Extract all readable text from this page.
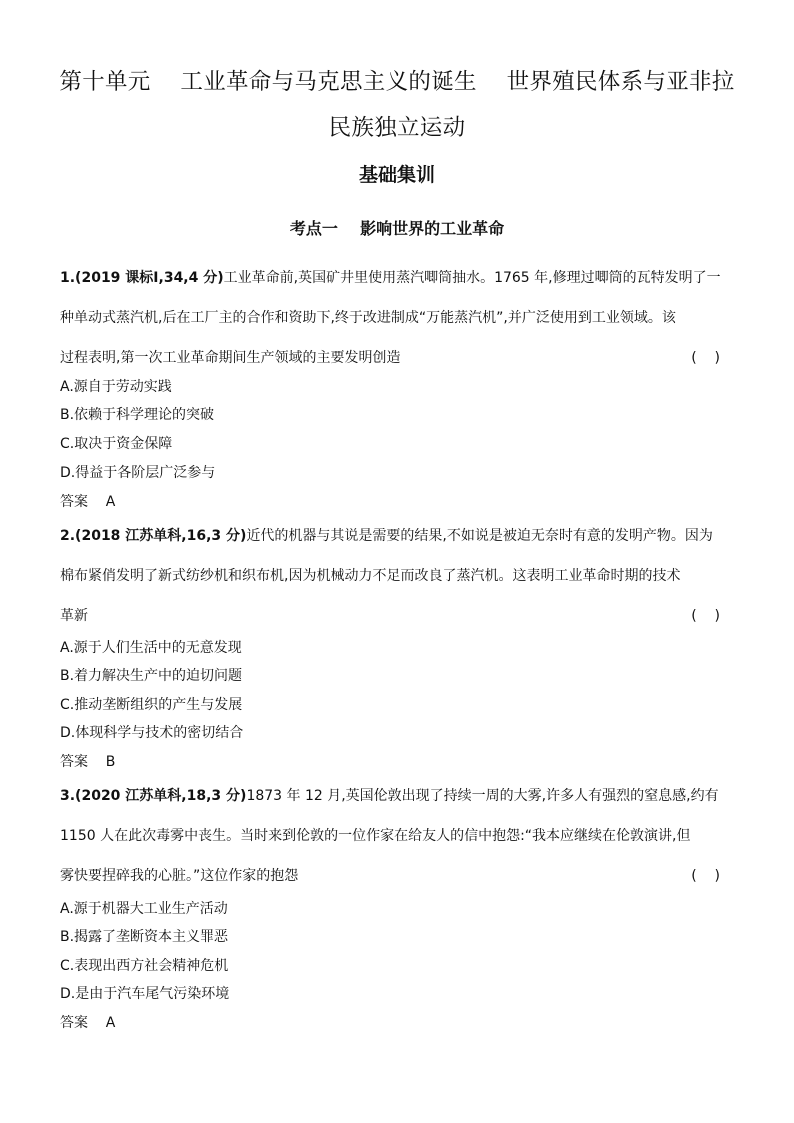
第十单元    工业革命与马克思主义的诞生    世界殖民体系与亚非拉
民族独立运动
基础集训
考点一    影响世界的工业革命
1.(2019 课标Ⅰ,34,4 分)工业革命前,英国矿井里使用蒸汽唧筒抽水。1765 年,修理过唧筒的瓦特发明了一
种单动式蒸汽机,后在工厂主的合作和资助下,终于改进制成“万能蒸汽机”,并广泛使用到工业领域。该
过程表明,第一次工业革命期间生产领域的主要发明创造	(    )

A.源自于劳动实践

B.依赖于科学理论的突破

C.取决于资金保障

D.得益于各阶层广泛参与

答案    A

2.(2018 江苏单科,16,3 分)近代的机器与其说是需要的结果,不如说是被迫无奈时有意的发明产物。因为
棉布紧俏发明了新式纺纱机和织布机,因为机械动力不足而改良了蒸汽机。这表明工业革命时期的技术
革新	(    )

A.源于人们生活中的无意发现

B.着力解决生产中的迫切问题

C.推动垄断组织的产生与发展

D.体现科学与技术的密切结合

答案    B

3.(2020 江苏单科,18,3 分)1873 年 12 月,英国伦敦出现了持续一周的大雾,许多人有强烈的窒息感,约有
1150 人在此次毒雾中丧生。当时来到伦敦的一位作家在给友人的信中抱怨:“我本应继续在伦敦演讲,但
雾快要捏碎我的心脏。”这位作家的抱怨	(    )

A.源于机器大工业生产活动

B.揭露了垄断资本主义罪恶

C.表现出西方社会精神危机

D.是由于汽车尾气污染环境

答案    A
